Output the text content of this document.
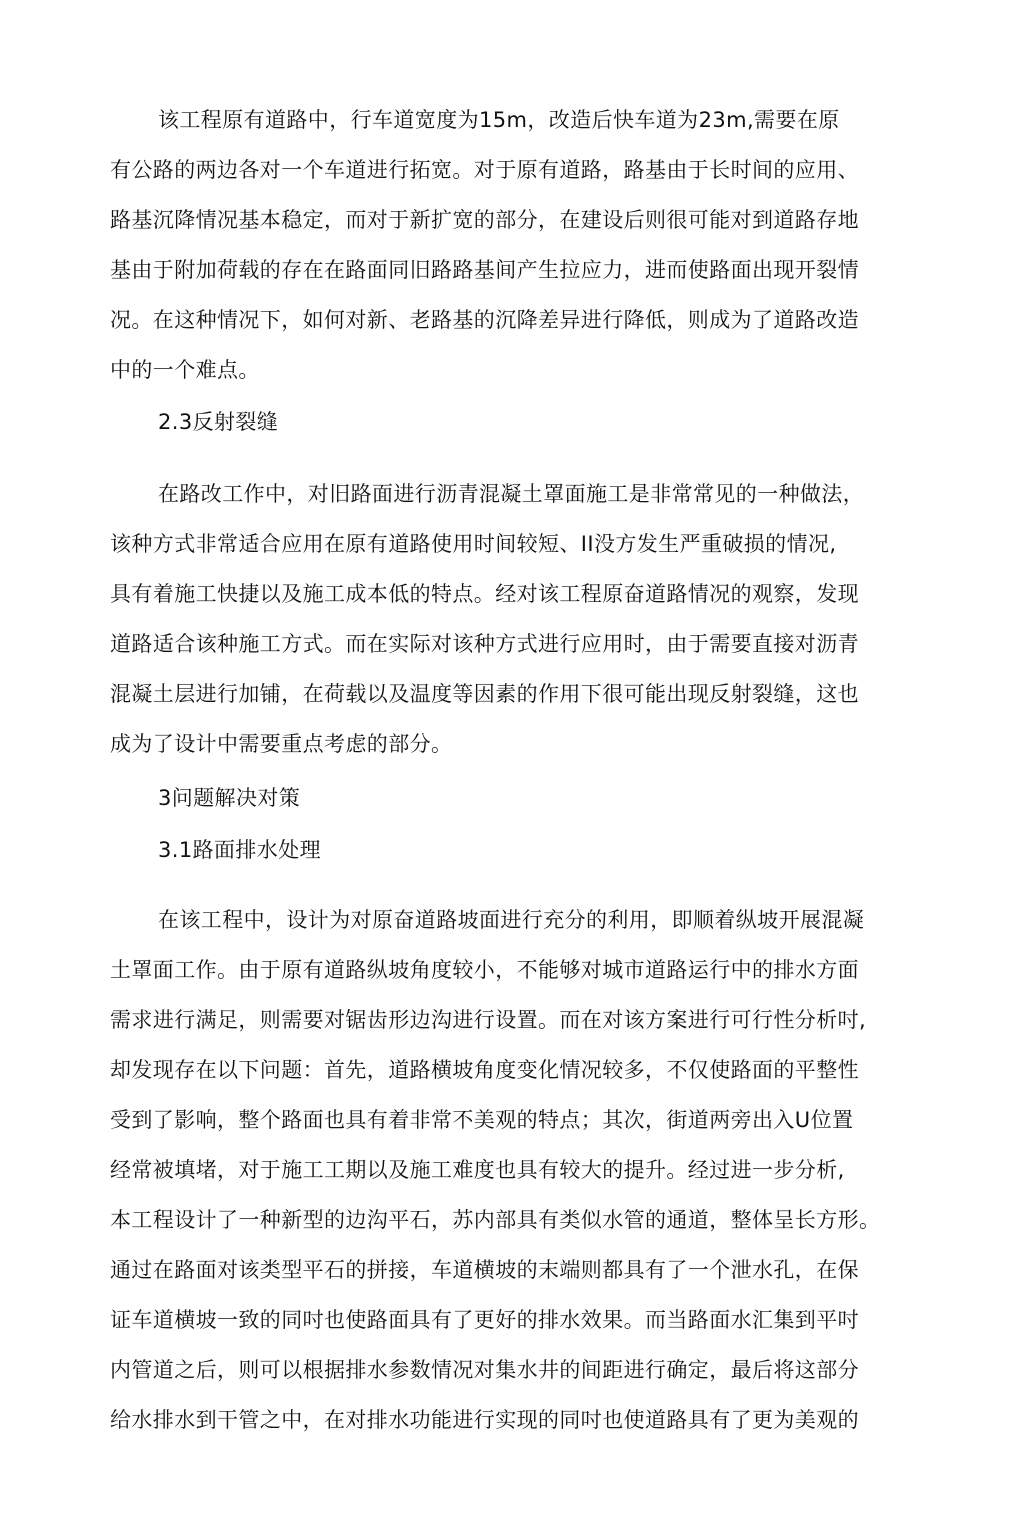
该工程原有道路中，行车道宽度为15m，改造后快车道为23m,需要在原
有公路的两边各对一个车道进行拓宽。对于原有道路，路基由于长时间的应用、
路基沉降情况基本稳定，而对于新扩宽的部分，在建设后则很可能对到道路存地
基由于附加荷载的存在在路面同旧路路基间产生拉应力，进而使路面出现开裂情
况。在这种情况下，如何对新、老路基的沉降差异进行降低，则成为了道路改造
中的一个难点。
2.3反射裂缝
在路改工作中，对旧路面进行沥青混凝土罩面施工是非常常见的一种做法，
该种方式非常适合应用在原有道路使用时间较短、II没方发生严重破损的情况,
具有着施工快捷以及施工成本低的特点。经对该工程原奋道路情况的观察，发现
道路适合该种施工方式。而在实际对该种方式进行应用时，由于需要直接对沥青
混凝土层进行加铺，在荷载以及温度等因素的作用下很可能出现反射裂缝，这也
成为了设计中需要重点考虑的部分。
3问题解决对策
3.1路面排水处理
在该工程中，设计为对原奋道路坡面进行充分的利用，即顺着纵坡开展混凝
土罩面工作。由于原有道路纵坡角度较小，不能够对城市道路运行中的排水方面
需求进行满足，则需要对锯齿形边沟进行设置。而在对该方案进行可行性分析吋,
却发现存在以下问题：首先，道路横坡角度变化情况较多，不仅使路面的平整性
受到了影响，整个路面也具有着非常不美观的特点；其次，街道两旁出入U位置
经常被填堵，对于施工工期以及施工难度也具有较大的提升。经过进一步分析,
本工程设计了一种新型的边沟平石，苏内部具有类似水管的通道，整体呈长方形。
通过在路面对该类型平石的拼接，车道横坡的末端则都具有了一个泄水孔，在保
证车道横坡一致的同吋也使路面具有了更好的排水效果。而当路面水汇集到平吋
内管道之后，则可以根据排水参数情况对集水井的间距进行确定，最后将这部分
给水排水到干管之中，在对排水功能进行实现的同吋也使道路具有了更为美观的
